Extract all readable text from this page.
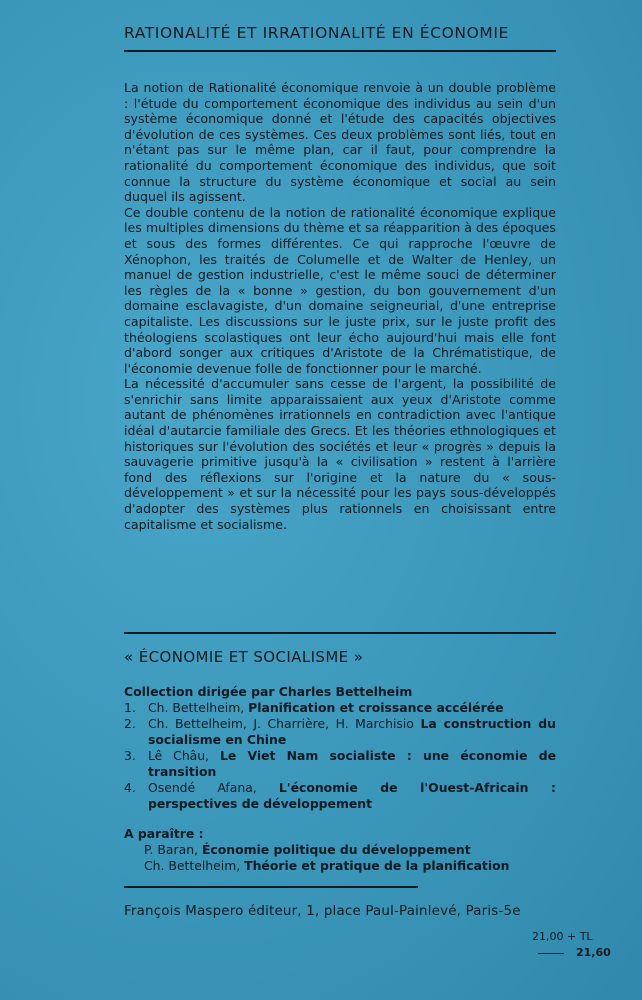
RATIONALITÉ ET IRRATIONALITÉ EN ÉCONOMIE

La notion de Rationalité économique renvoie à un double problème : l'étude du comportement économique des individus au sein d'un système économique donné et l'étude des capacités objectives d'évolution de ces systèmes. Ces deux problèmes sont liés, tout en n'étant pas sur le même plan, car il faut, pour comprendre la rationalité du comportement économique des individus, que soit connue la structure du système économique et social au sein duquel ils agissent.

Ce double contenu de la notion de rationalité économique explique les multiples dimensions du thème et sa réapparition à des époques et sous des formes différentes. Ce qui rapproche l'œuvre de Xénophon, les traités de Columelle et de Walter de Henley, un manuel de gestion industrielle, c'est le même souci de déterminer les règles de la « bonne » gestion, du bon gouvernement d'un domaine esclavagiste, d'un domaine seigneurial, d'une entreprise capitaliste. Les discussions sur le juste prix, sur le juste profit des théologiens scolastiques ont leur écho aujourd'hui mais elle font d'abord songer aux critiques d'Aristote de la Chrématistique, de l'économie devenue folle de fonctionner pour le marché.

La nécessité d'accumuler sans cesse de l'argent, la possibilité de s'enrichir sans limite apparaissaient aux yeux d'Aristote comme autant de phénomènes irrationnels en contradiction avec l'antique idéal d'autarcie familiale des Grecs. Et les théories ethnologiques et historiques sur l'évolution des sociétés et leur « progrès » depuis la sauvagerie primitive jusqu'à la « civilisation » restent à l'arrière fond des réflexions sur l'origine et la nature du « sous-développement » et sur la nécessité pour les pays sous-développés d'adopter des systèmes plus rationnels en choisissant entre capitalisme et socialisme.

« ÉCONOMIE ET SOCIALISME »
Collection dirigée par Charles Bettelheim
1. Ch. Bettelheim, Planification et croissance accélérée
2. Ch. Bettelheim, J. Charrière, H. Marchisio La construction du socialisme en Chine
3. Lê Châu, Le Viet Nam socialiste : une économie de transition
4. Osendé Afana, L'économie de l'Ouest-Africain : perspectives de développement
A paraître :
P. Baran, Économie politique du développement
Ch. Bettelheim, Théorie et pratique de la planification
François Maspero éditeur, 1, place Paul-Painlevé, Paris-5e
21,00 + TL
21,60
